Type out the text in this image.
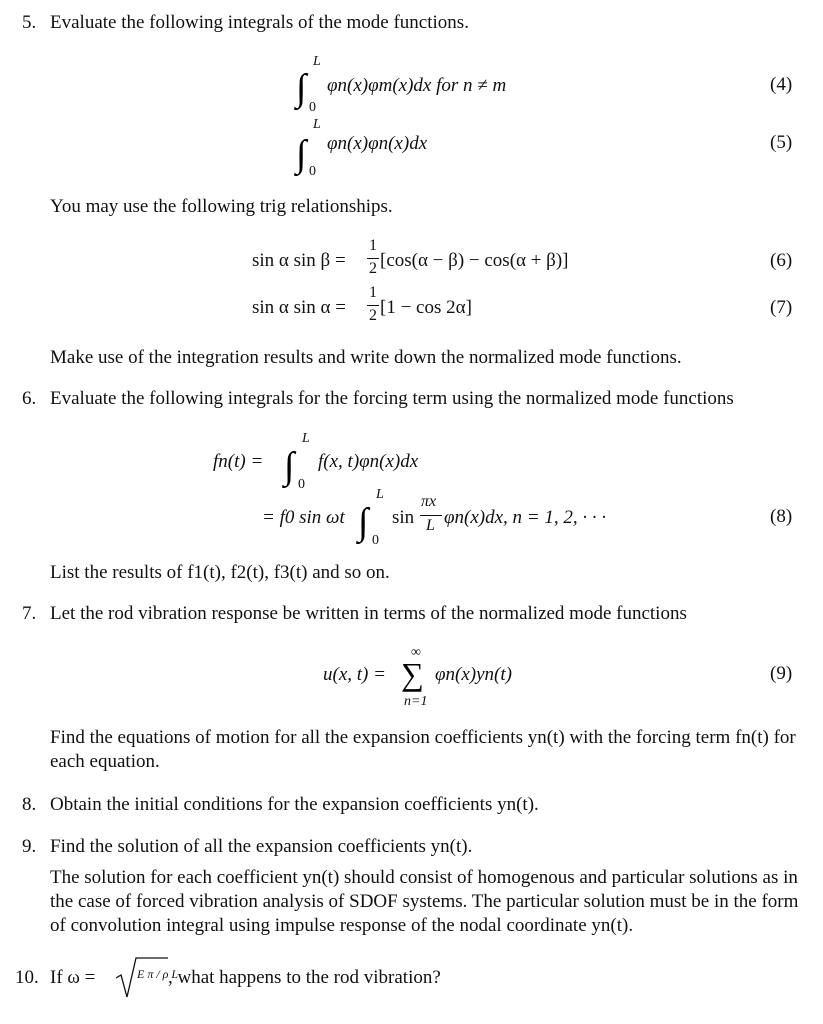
5. Evaluate the following integrals of the mode functions.
∫
L
0
φn(x)φm(x)dx for n ≠ m	(4)
∫
L
0
φn(x)φn(x)dx	(5)
You may use the following trig relationships.
sin α sin β =
1
2 [cos(α − β) − cos(α + β)]	(6)
sin α sin α =
1
2 [1 − cos 2α]	(7)
Make use of the integration results and write down the normalized mode functions.
6. Evaluate the following integrals for the forcing term using the normalized mode functions
fn(t) = ∫
L
0
f(x, t)φn(x)dx
= f0 sin ωt ∫
L
0
sin
πx
L φn(x)dx, n = 1, 2, · · ·	(8)
List the results of f1(t), f2(t), f3(t) and so on.
7. Let the rod vibration response be written in terms of the normalized mode functions
u(x, t) =
∞
∑
n=1
φn(x)yn(t)	(9)
Find the equations of motion for all the expansion coefficients yn(t) with the forcing term fn(t) for each equation.
8. Obtain the initial conditions for the expansion coefficients yn(t).
9. Find the solution of all the expansion coefficients yn(t).
The solution for each coefficient yn(t) should consist of homogenous and particular solutions as in the case of forced vibration analysis of SDOF systems. The particular solution must be in the form of convolution integral using impulse response of the nodal coordinate yn(t).
10. If ω =	E π / ρ L
, what happens to the rod vibration?
